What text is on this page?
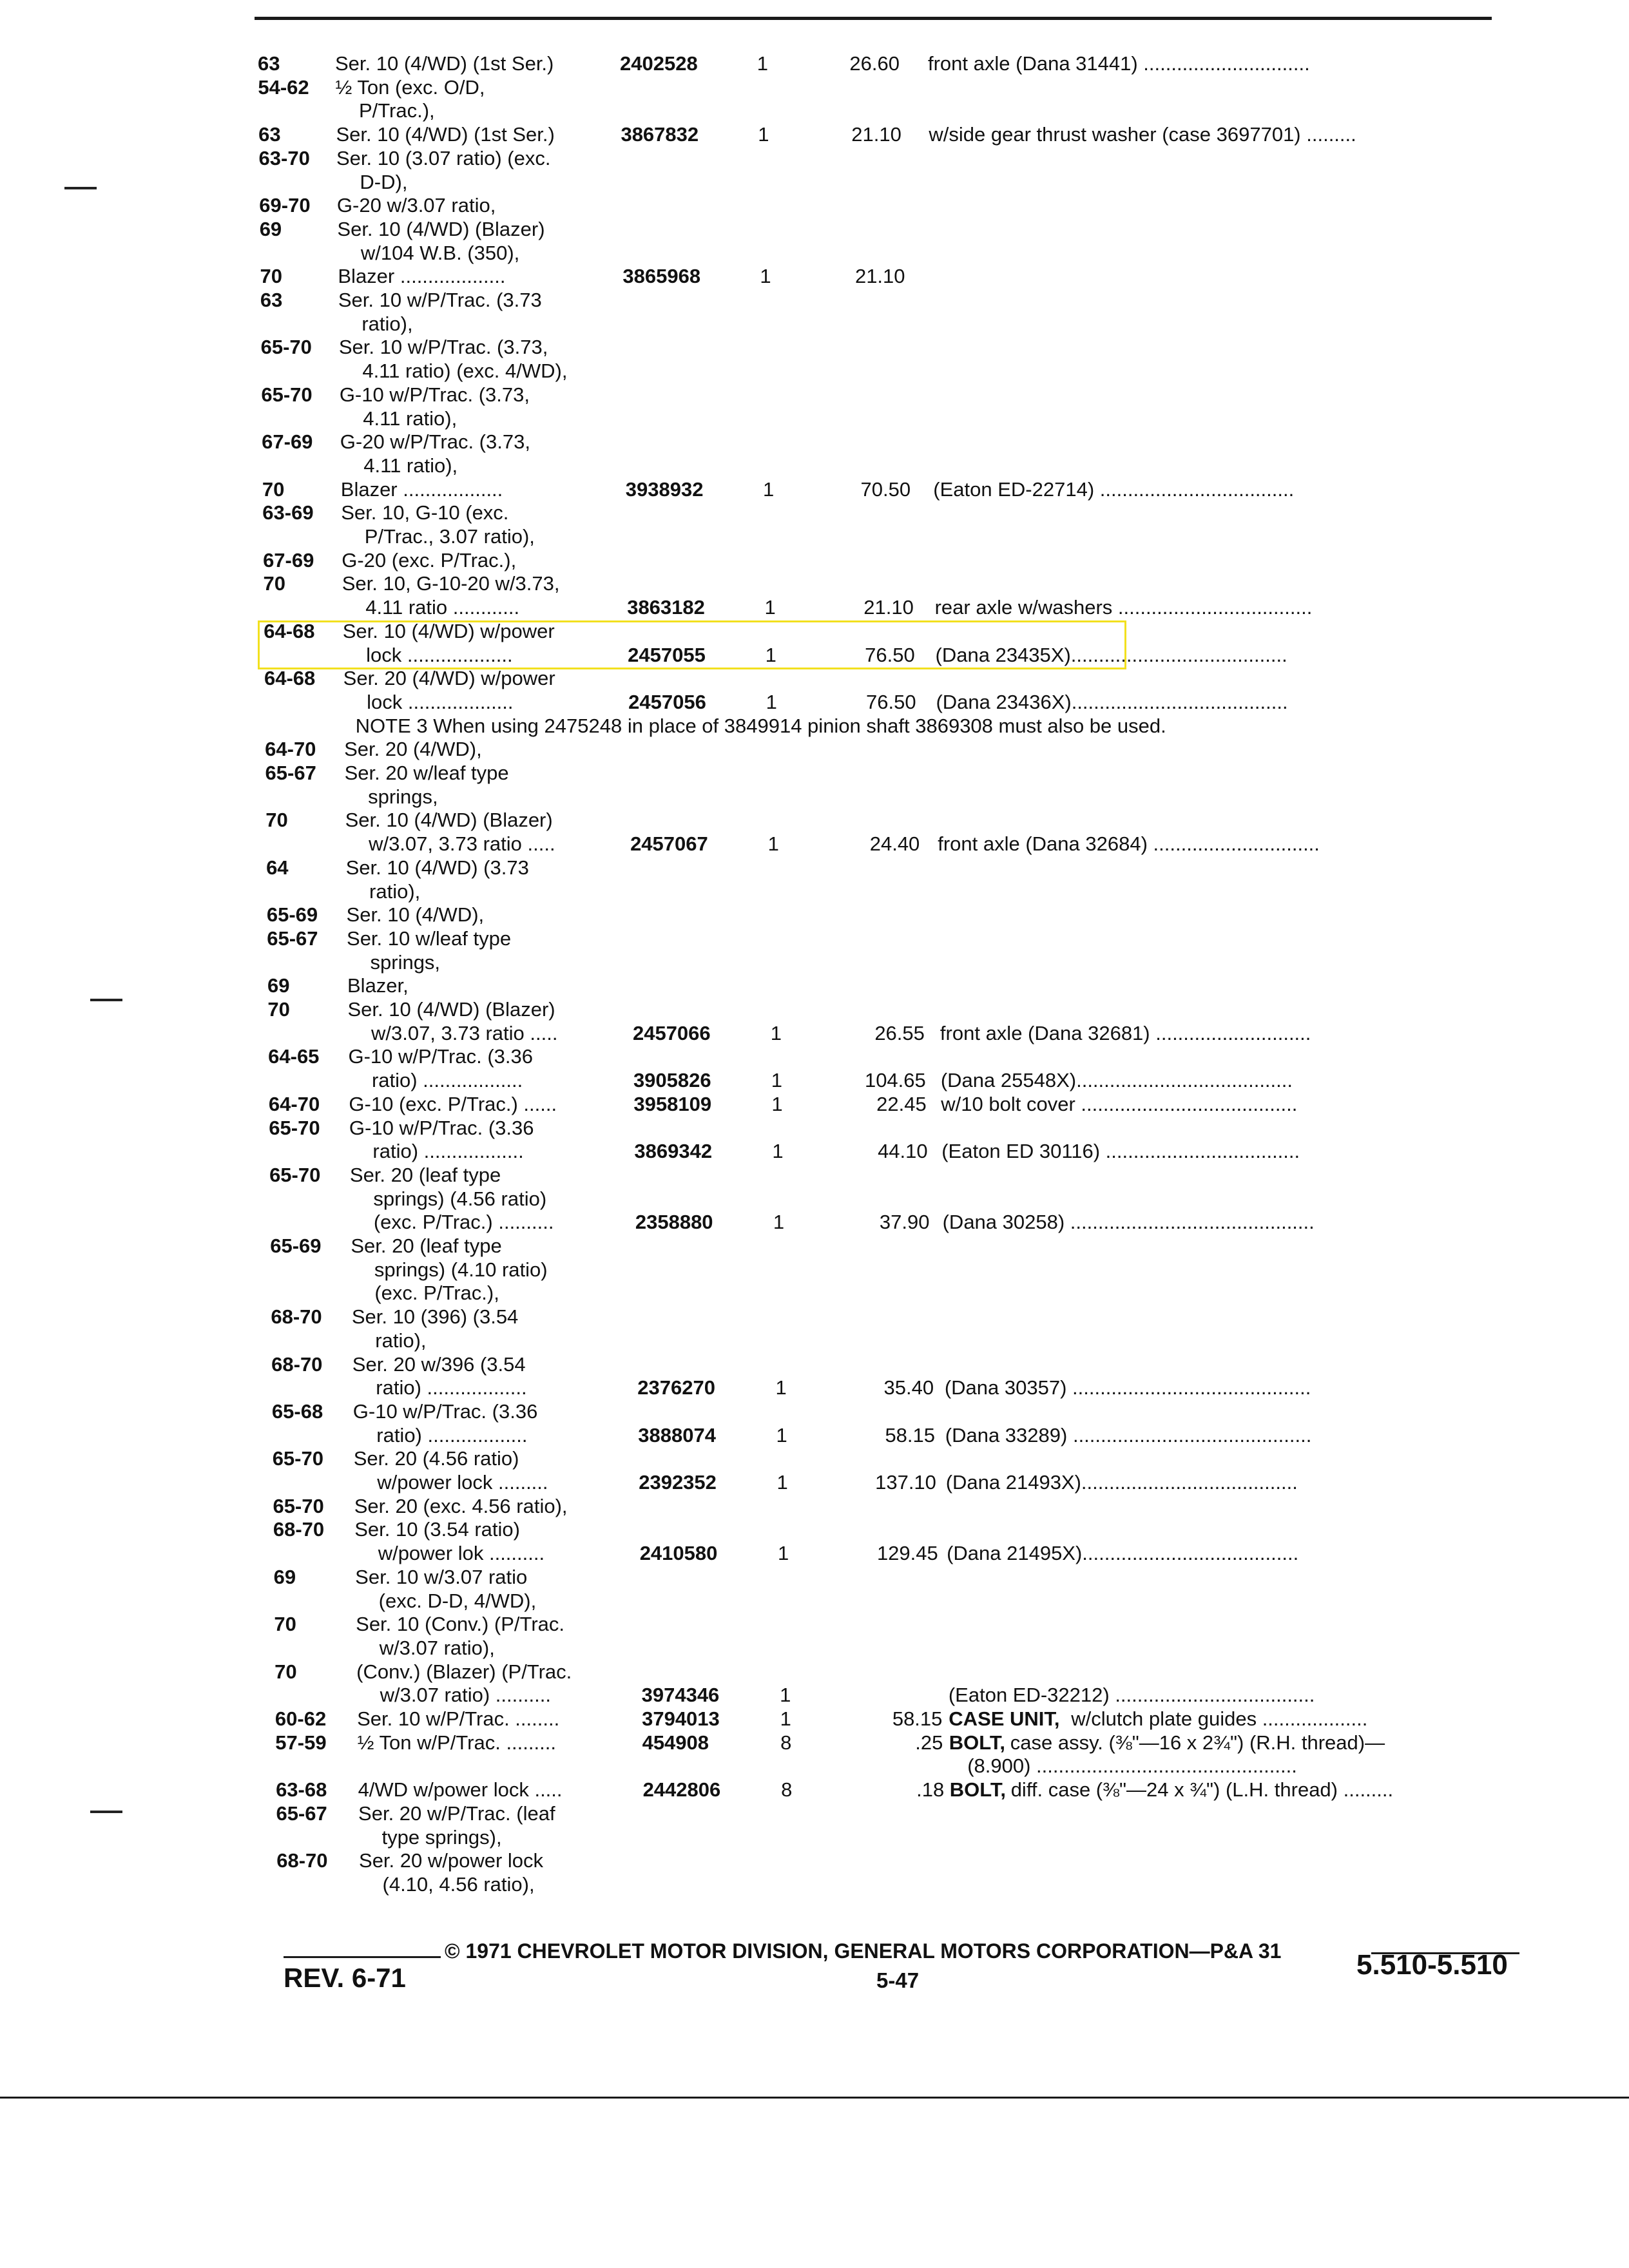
63	Ser. 10 (4/WD) (1st Ser.)	2402528	1	26.60 front axle (Dana 31441) ..............................
54-62 ½ Ton (exc. O/D,
P/Trac.),
63	Ser. 10 (4/WD) (1st Ser.)	3867832	1	21.10 w/side gear thrust washer (case 3697701) .........
63-70 Ser. 10 (3.07 ratio) (exc.
D-D),
69-70 G-20 w/3.07 ratio,
69	Ser. 10 (4/WD) (Blazer)
w/104 W.B. (350),
70	Blazer ...................	3865968	1	21.10
63	Ser. 10 w/P/Trac. (3.73
ratio),
65-70 Ser. 10 w/P/Trac. (3.73,
4.11 ratio) (exc. 4/WD),
65-70 G-10 w/P/Trac. (3.73,
4.11 ratio),
67-69 G-20 w/P/Trac. (3.73,
4.11 ratio),
70	Blazer ..................	3938932	1	70.50 (Eaton ED-22714) ...................................
63-69 Ser. 10, G-10 (exc.
P/Trac., 3.07 ratio),
67-69 G-20 (exc. P/Trac.),
70	Ser. 10, G-10-20 w/3.73,
4.11 ratio ............	3863182	1	21.10 rear axle w/washers ...................................
64-68 Ser. 10 (4/WD) w/power
lock ...................	2457055	1	76.50 (Dana 23435X).......................................
64-68 Ser. 20 (4/WD) w/power
lock ...................	2457056	1	76.50 (Dana 23436X).......................................
NOTE 3 When using 2475248 in place of 3849914 pinion shaft 3869308 must also be used.
64-70 Ser. 20 (4/WD),
65-67 Ser. 20 w/leaf type
springs,
70	Ser. 10 (4/WD) (Blazer)
w/3.07, 3.73 ratio .....	2457067	1	24.40 front axle (Dana 32684) ..............................
64	Ser. 10 (4/WD) (3.73
ratio),
65-69 Ser. 10 (4/WD),
65-67 Ser. 10 w/leaf type
springs,
69	Blazer,
70	Ser. 10 (4/WD) (Blazer)
w/3.07, 3.73 ratio .....	2457066	1	26.55 front axle (Dana 32681) ............................
64-65 G-10 w/P/Trac. (3.36
ratio) ..................	3905826	1	104.65 (Dana 25548X).......................................
64-70 G-10 (exc. P/Trac.) ......	3958109	1	22.45 w/10 bolt cover .......................................
65-70 G-10 w/P/Trac. (3.36
ratio) ..................	3869342	1	44.10 (Eaton ED 30116) ...................................
65-70 Ser. 20 (leaf type
springs) (4.56 ratio)
(exc. P/Trac.) ..........	2358880	1	37.90 (Dana 30258) ............................................
65-69 Ser. 20 (leaf type
springs) (4.10 ratio)
(exc. P/Trac.),
68-70 Ser. 10 (396) (3.54
ratio),
68-70 Ser. 20 w/396 (3.54
ratio) ..................	2376270	1	35.40 (Dana 30357) ...........................................
65-68 G-10 w/P/Trac. (3.36
ratio) ..................	3888074	1	58.15 (Dana 33289) ...........................................
65-70 Ser. 20 (4.56 ratio)
w/power lock .........	2392352	1	137.10 (Dana 21493X).......................................
65-70 Ser. 20 (exc. 4.56 ratio),
68-70 Ser. 10 (3.54 ratio)
w/power lok ..........	2410580	1	129.45 (Dana 21495X).......................................
69	Ser. 10 w/3.07 ratio
(exc. D-D, 4/WD),
70	Ser. 10 (Conv.) (P/Trac.
w/3.07 ratio),
70	(Conv.) (Blazer) (P/Trac.
w/3.07 ratio) ..........	3974346	1	(Eaton ED-32212) ....................................
60-62 Ser. 10 w/P/Trac. ........	3794013	1	58.15 CASE UNIT, w/clutch plate guides ...................
57-59 ½ Ton w/P/Trac. .........	454908	8	.25 BOLT, case assy. (⅜"—16 x 2¾") (R.H. thread)—
(8.900) ...............................................
63-68 4/WD w/power lock .....	2442806	8	.18 BOLT, diff. case (⅜"—24 x ¾") (L.H. thread) .........
65-67 Ser. 20 w/P/Trac. (leaf
type springs),
68-70 Ser. 20 w/power lock
(4.10, 4.56 ratio),
© 1971 CHEVROLET MOTOR DIVISION, GENERAL MOTORS CORPORATION—P&A 31
REV. 6-71	5-47	5.510-5.510
